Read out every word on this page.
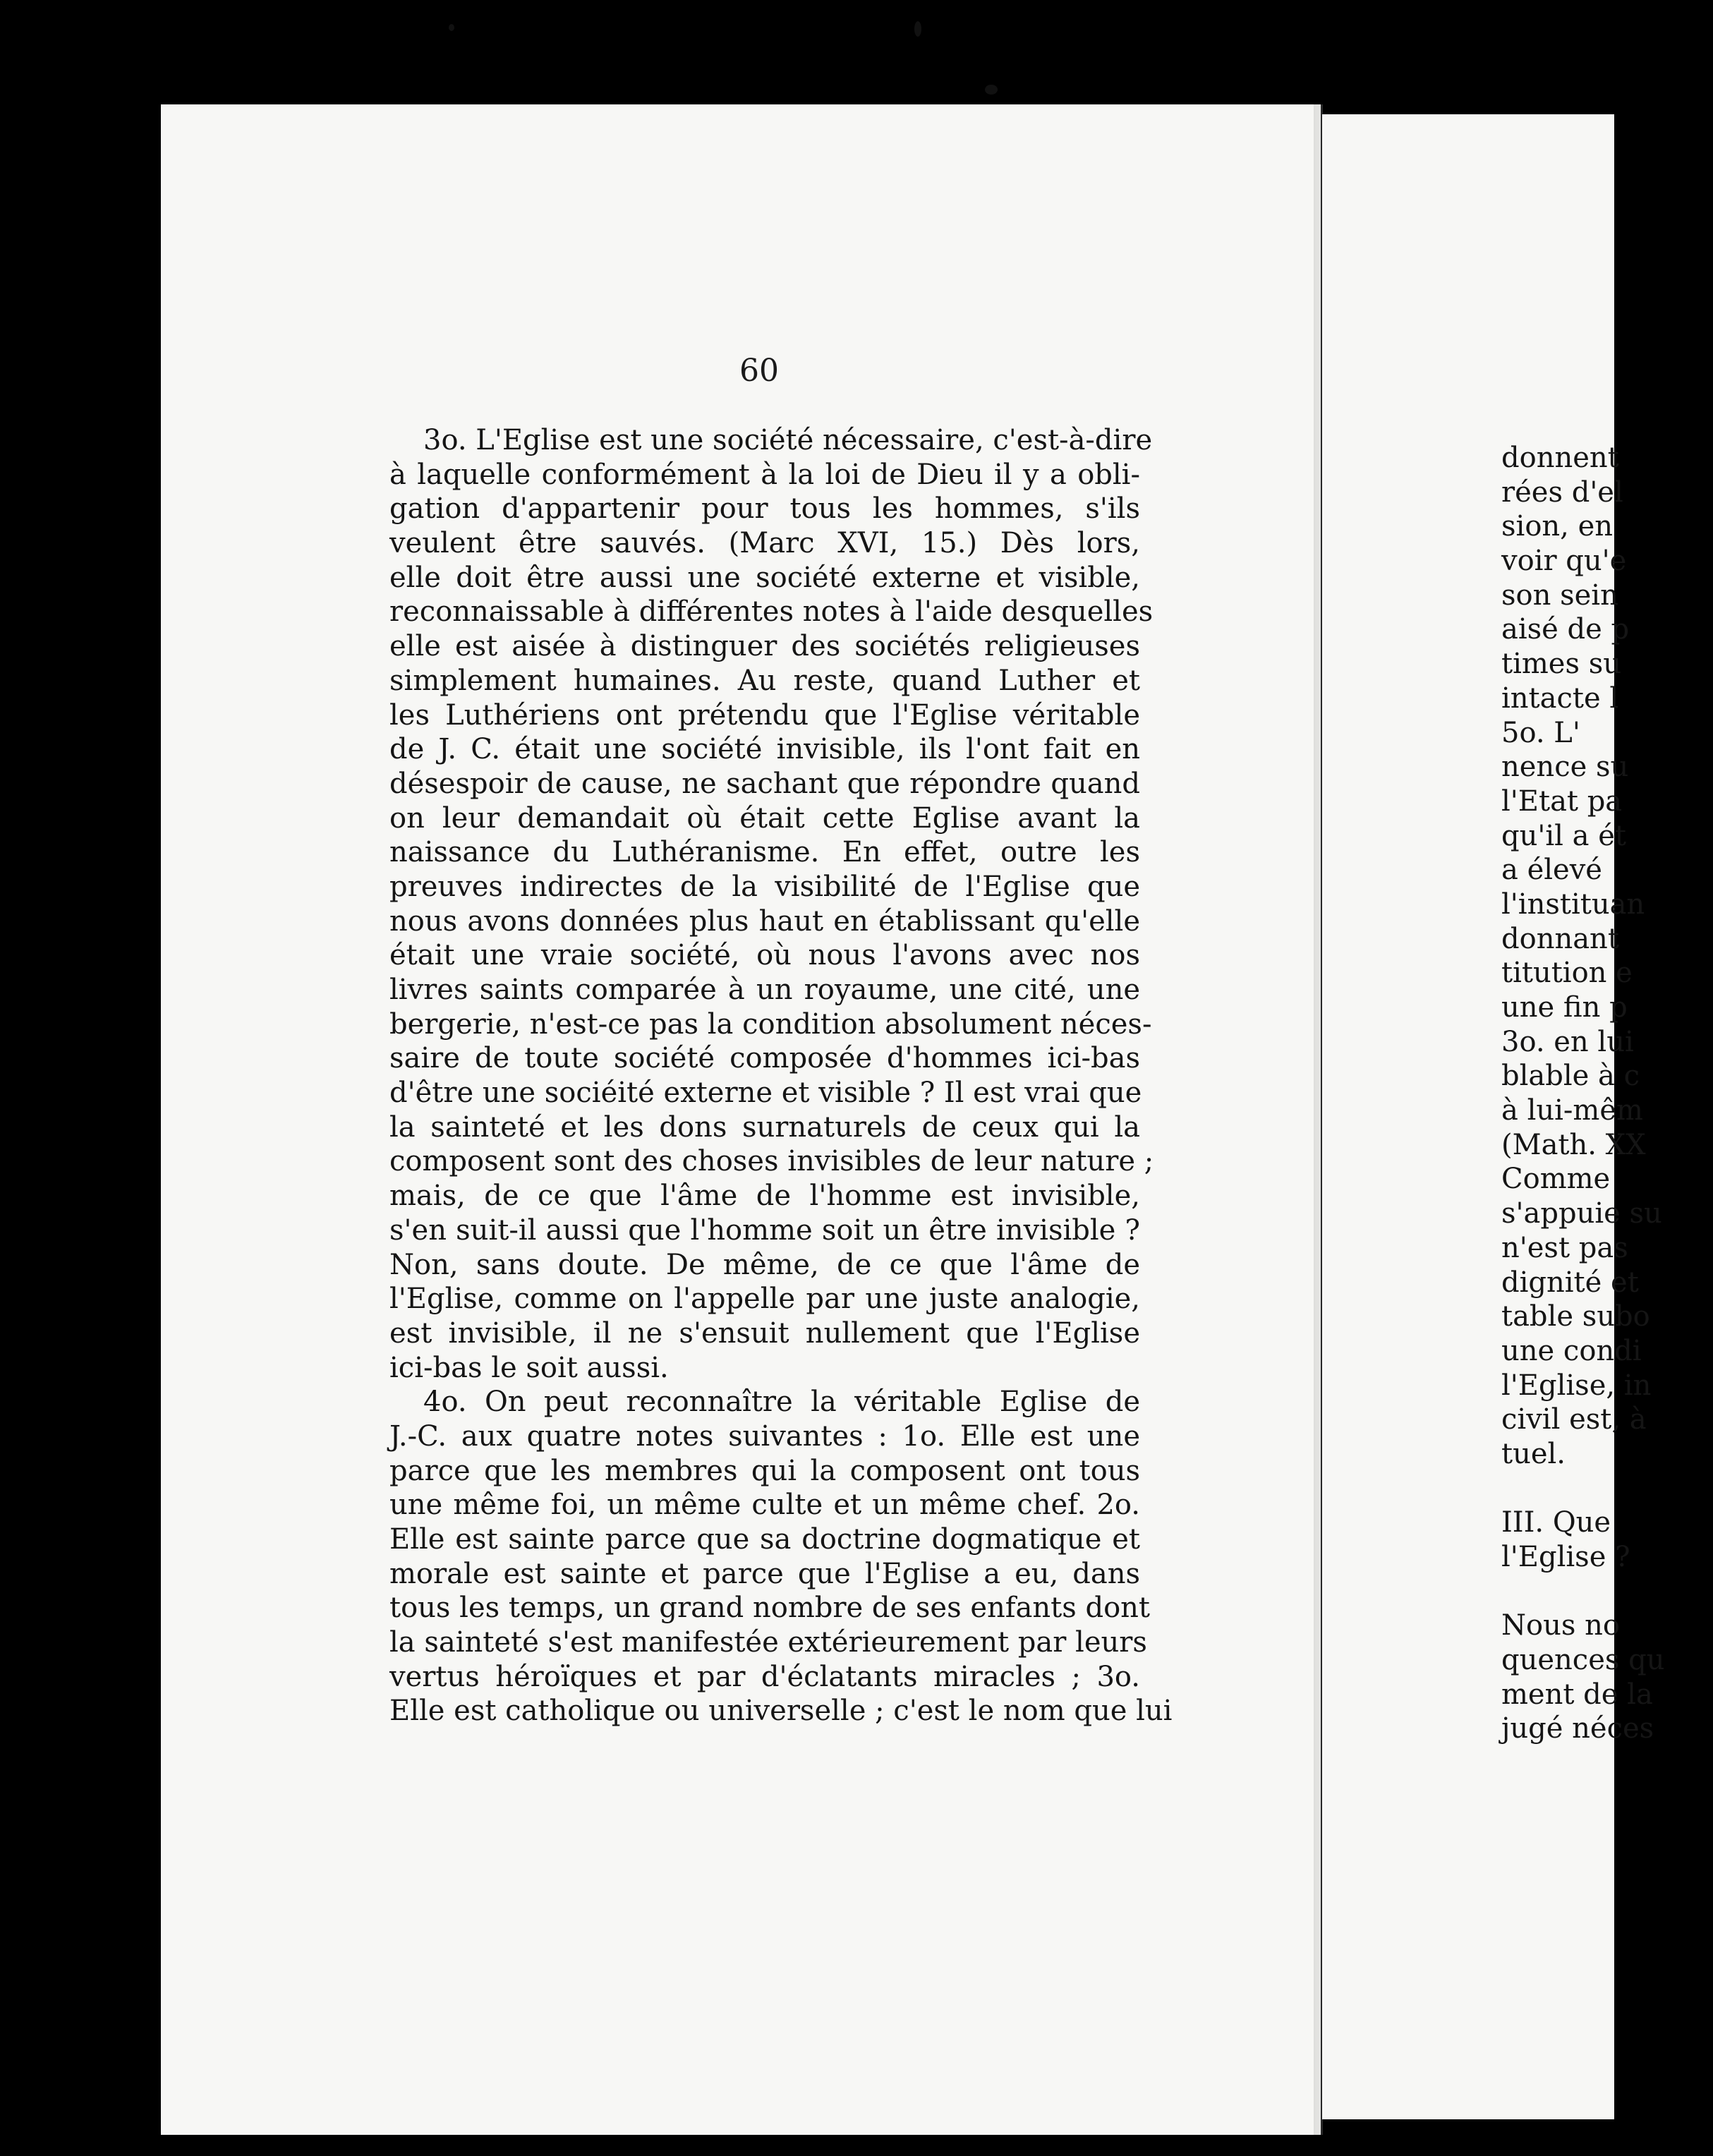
60
3o. L'Eglise est une société nécessaire, c'est-à-dire
à laquelle conformément à la loi de Dieu il y a obli-
gation d'appartenir pour tous les hommes, s'ils
veulent être sauvés. (Marc XVI, 15.) Dès lors,
elle doit être aussi une société externe et visible,
reconnaissable à différentes notes à l'aide desquelles
elle est aisée à distinguer des sociétés religieuses
simplement humaines. Au reste, quand Luther et
les Luthériens ont prétendu que l'Eglise véritable
de J. C. était une société invisible, ils l'ont fait en
désespoir de cause, ne sachant que répondre quand
on leur demandait où était cette Eglise avant la
naissance du Luthéranisme. En effet, outre les
preuves indirectes de la visibilité de l'Eglise que
nous avons données plus haut en établissant qu'elle
était une vraie société, où nous l'avons avec nos
livres saints comparée à un royaume, une cité, une
bergerie, n'est-ce pas la condition absolument néces-
saire de toute société composée d'hommes ici-bas
d'être une sociéité externe et visible ? Il est vrai que
la sainteté et les dons surnaturels de ceux qui la
composent sont des choses invisibles de leur nature ;
mais, de ce que l'âme de l'homme est invisible,
s'en suit-il aussi que l'homme soit un être invisible ?
Non, sans doute. De même, de ce que l'âme de
l'Eglise, comme on l'appelle par une juste analogie,
est invisible, il ne s'ensuit nullement que l'Eglise
ici-bas le soit aussi.
4o. On peut reconnaître la véritable Eglise de
J.-C. aux quatre notes suivantes : 1o. Elle est une
parce que les membres qui la composent ont tous
une même foi, un même culte et un même chef. 2o.
Elle est sainte parce que sa doctrine dogmatique et
morale est sainte et parce que l'Eglise a eu, dans
tous les temps, un grand nombre de ses enfants dont
la sainteté s'est manifestée extérieurement par leurs
vertus héroïques et par d'éclatants miracles ; 3o.
Elle est catholique ou universelle ; c'est le nom que lui
donnent
rées d'el
sion, en
voir qu'e
son sein
aisé de p
times su
intacte l
5o. L'
nence su
l'Etat pa
qu'il a ét
a élevé
l'instituan
donnant
titution e
une fin p
3o. en lui
blable à c
à lui-mêm
(Math. XX
Comme
s'appuie su
n'est pas
dignité et
table subo
une condi
l'Eglise, in
civil est, à
tuel.
III. Que
l'Eglise ?
Nous no
quences qu
ment de la
jugé néces
